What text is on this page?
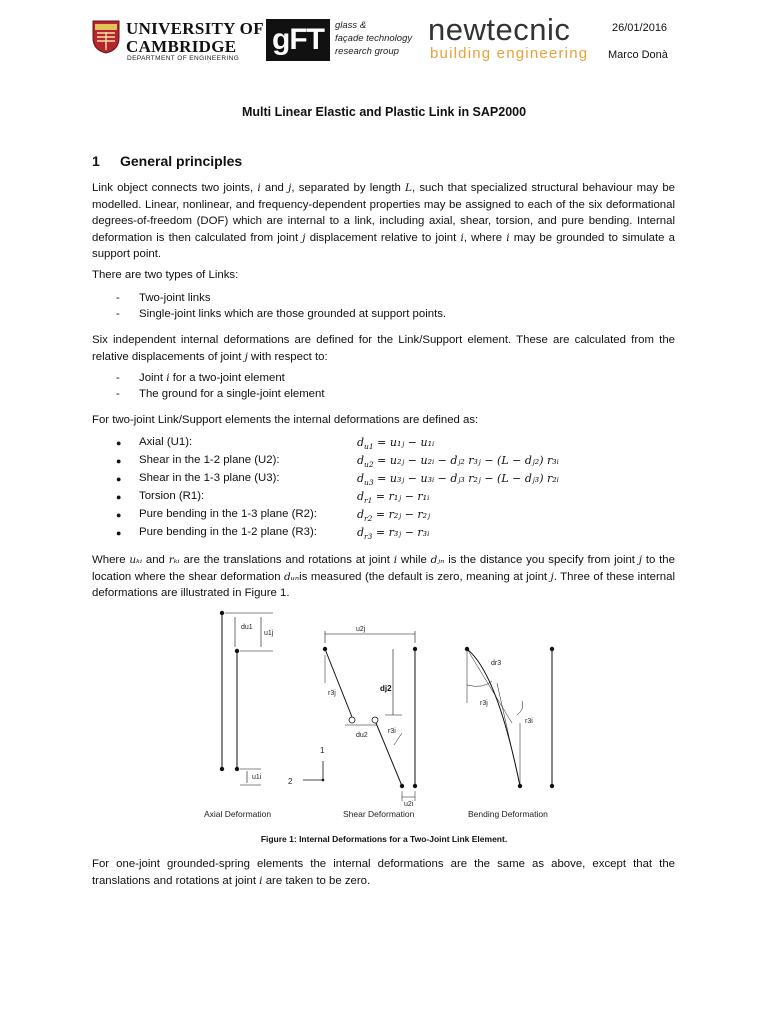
UNIVERSITY OF
CAMBRIDGE
DEPARTMENT OF ENGINEERING
gFT	glass &
façade technology
research group
newtecnic
building engineering
26/01/2016
Marco Donà
Multi Linear Elastic and Plastic Link in SAP2000
1 General principles

Link object connects two joints, i and j, separated by length L, such that specialized structural behaviour may be modelled. Linear, nonlinear, and frequency-dependent properties may be assigned to each of the six deformational degrees-of-freedom (DOF) which are internal to a link, including axial, shear, torsion, and pure bending. Internal deformation is then calculated from joint j displacement relative to joint i, where i may be grounded to simulate a support point.

There are two types of Links:

- Two-joint links
- Single-joint links which are those grounded at support points.

Six independent internal deformations are defined for the Link/Support element. These are calculated from the relative displacements of joint j with respect to:

- Joint i for a two-joint element
- The ground for a single-joint element

For two-joint Link/Support elements the internal deformations are defined as:

● Axial (U1):	$d_{u1}$ = u₁ⱼ − u₁ᵢ
● Shear in the 1-2 plane (U2):	$d_{u2}$ = u₂ⱼ − u₂ᵢ − dⱼ₂ r₃ⱼ − (L − dⱼ₂) r₃ᵢ
● Shear in the 1-3 plane (U3):	$d_{u3}$ = u₃ⱼ − u₃ᵢ − dⱼ₃ r₂ⱼ − (L − dⱼ₃) r₂ᵢ
● Torsion (R1):	$d_{r1}$ = r₁ⱼ − r₁ᵢ
● Pure bending in the 1-3 plane (R2):	$d_{r2}$ = r₂ⱼ − r₂ⱼ
● Pure bending in the 1-2 plane (R3):	$d_{r3}$ = r₃ⱼ − r₃ᵢ

Where uₖᵢ and rₖᵢ are the translations and rotations at joint i while dⱼₙ is the distance you specify from joint j to the location where the shear deformation dᵤₙis measured (the default is zero, meaning at joint j. Three of these internal deformations are illustrated in Figure 1.

du1
u1j
u1i
1
2
u2j
r3j
dj2
du2
r3i
u2i
dr3
r3j
r3i
Axial Deformation	Shear Deformation	Bending Deformation
Figure 1: Internal Deformations for a Two-Joint Link Element.

For one-joint grounded-spring elements the internal deformations are the same as above, except that the translations and rotations at joint i are taken to be zero.
